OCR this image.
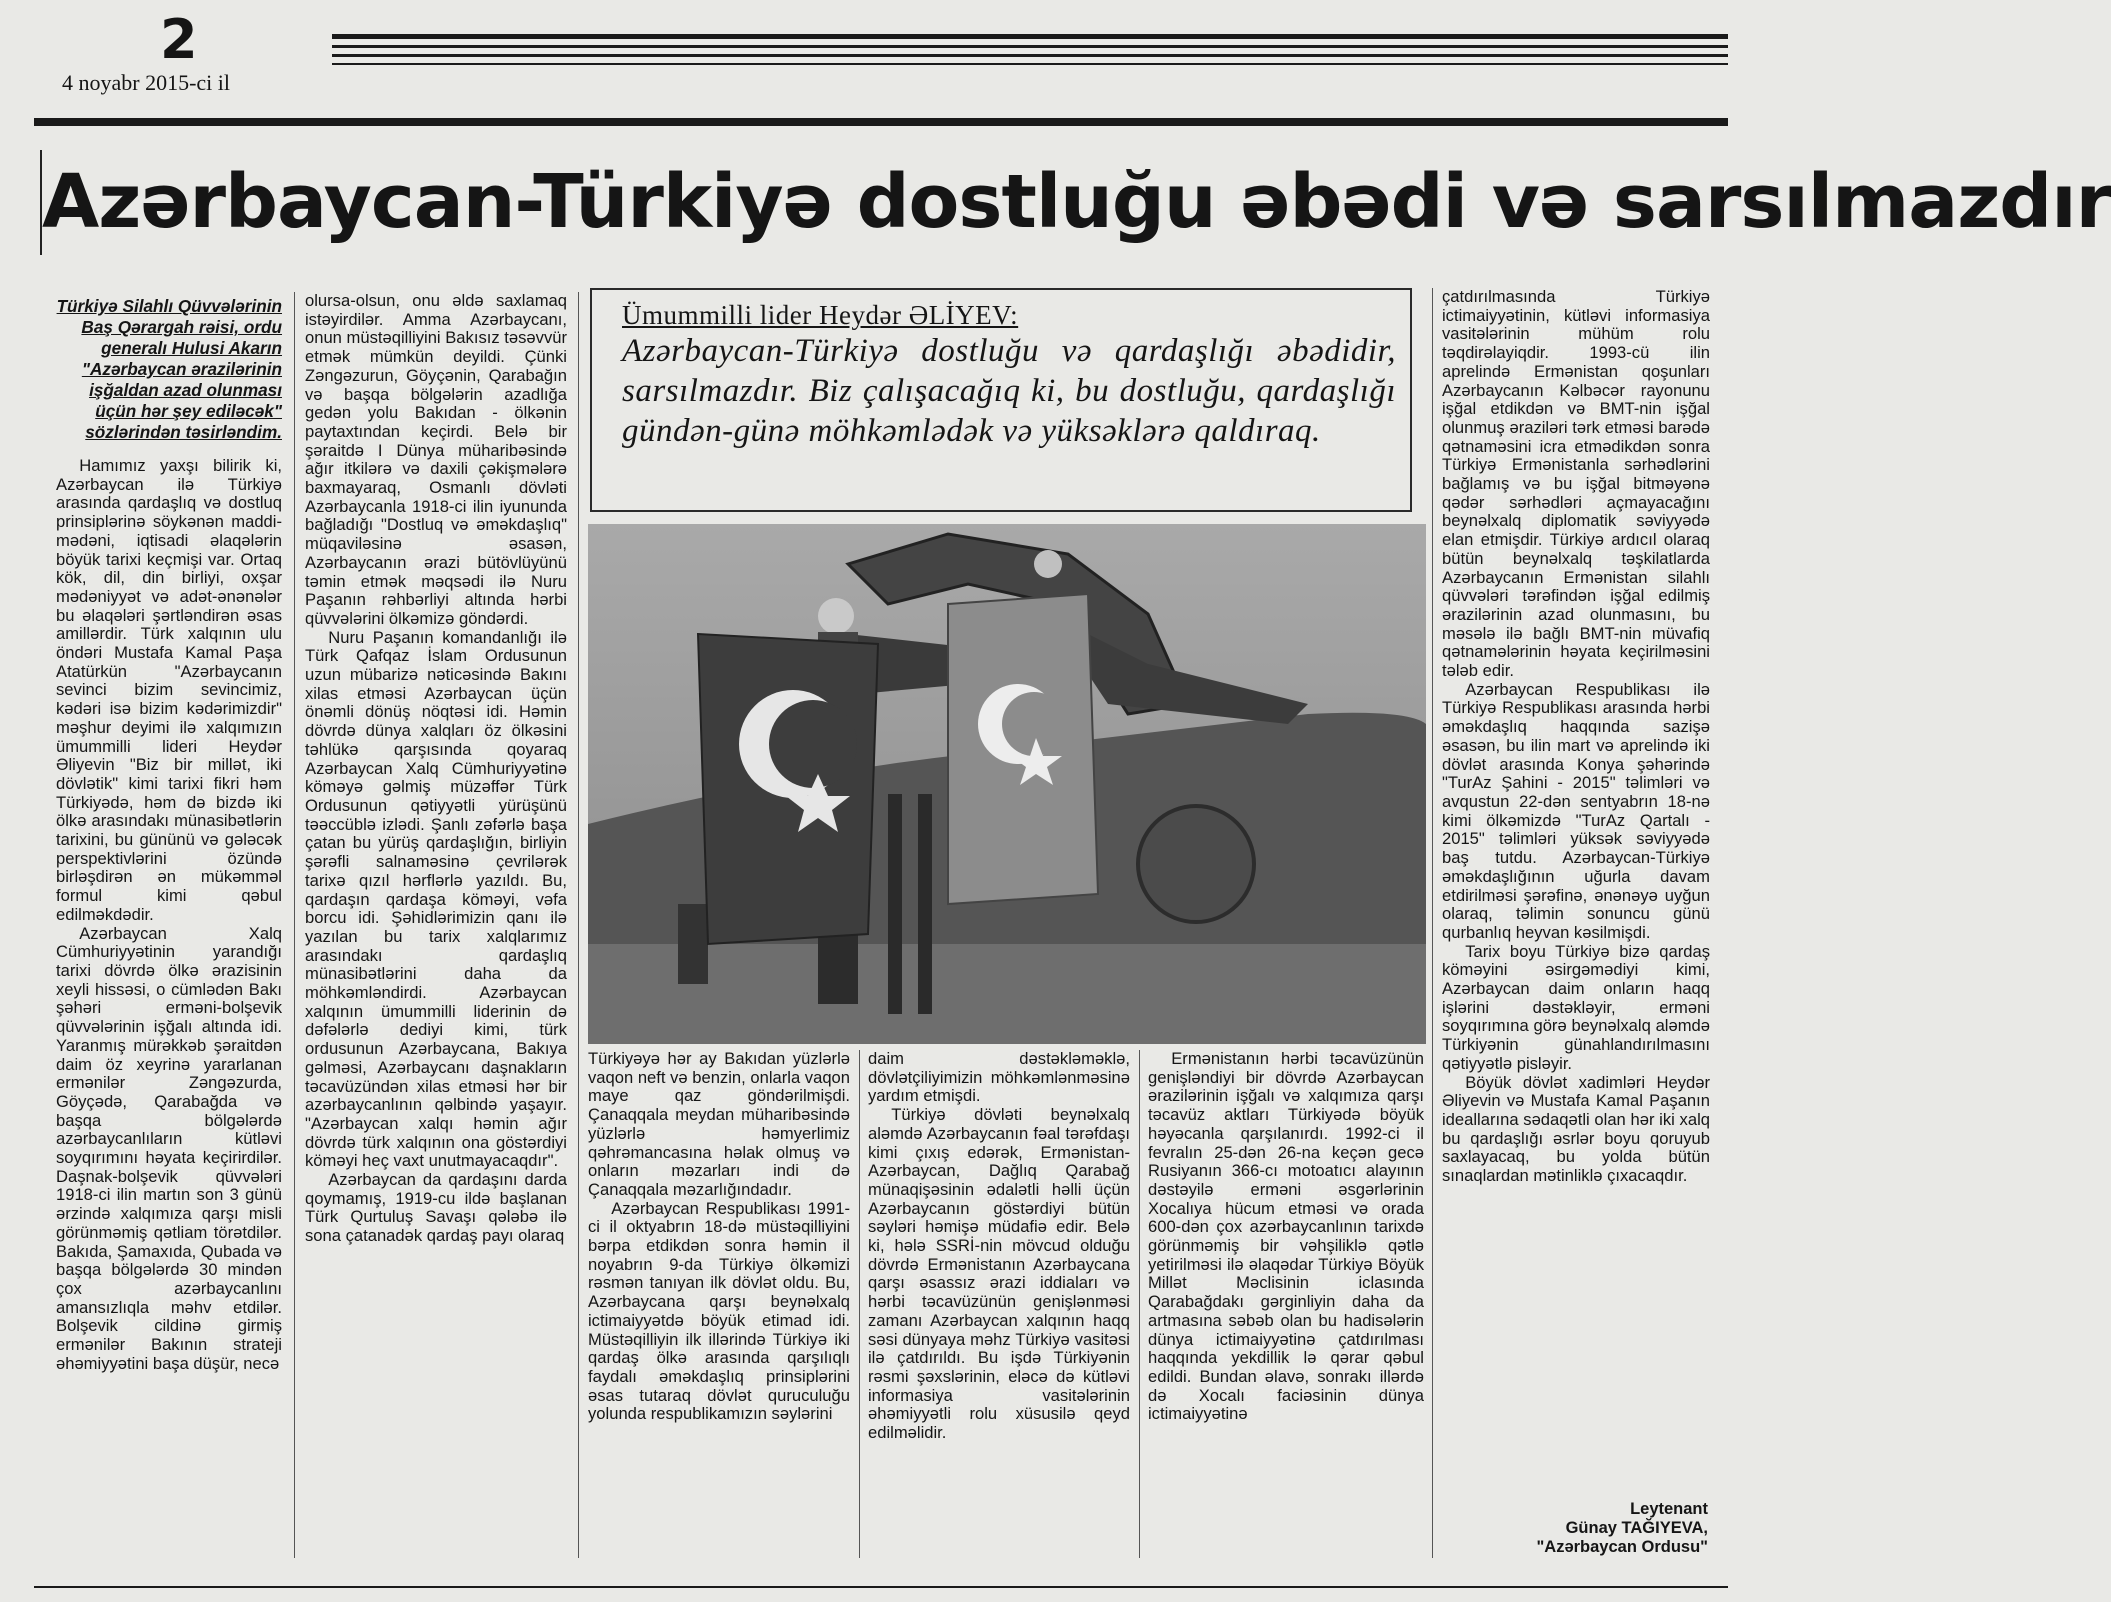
2
4 noyabr 2015-ci il
Azərbaycan-Türkiyə dostluğu əbədi və sarsılmazdır

Türkiyə Silahlı Qüvvələrinin Baş Qərargah rəisi, ordu generalı Hulusi Akarın "Azərbaycan ərazilərinin işğaldan azad olunması üçün hər şey ediləcək" sözlərindən təsirləndim.

Hamımız yaxşı bilirik ki, Azərbaycan ilə Türkiyə arasında qardaşlıq və dostluq prinsiplərinə söykənən maddi-mədəni, iqtisadi əlaqələrin böyük tarixi keçmişi var. Ortaq kök, dil, din birliyi, oxşar mədəniyyət və adət-ənənələr bu əlaqələri şərtləndirən əsas amillərdir. Türk xalqının ulu öndəri Mustafa Kamal Paşa Atatürkün "Azərbaycanın sevinci bizim sevincimiz, kədəri isə bizim kədərimizdir" məşhur deyimi ilə xalqımızın ümummilli lideri Heydər Əliyevin "Biz bir millət, iki dövlətik" kimi tarixi fikri həm Türkiyədə, həm də bizdə iki ölkə arasındakı münasibətlərin tarixini, bu gününü və gələcək perspektivlərini özündə birləşdirən ən mükəmməl formul kimi qəbul edilməkdədir.

Azərbaycan Xalq Cümhuriyyətinin yarandığı tarixi dövrdə ölkə ərazisinin xeyli hissəsi, o cümlədən Bakı şəhəri erməni-bolşevik qüvvələrinin işğalı altında idi. Yaranmış mürəkkəb şəraitdən daim öz xeyrinə yararlanan ermənilər Zəngəzurda, Göyçədə, Qarabağda və başqa bölgələrdə azərbaycanlıların kütləvi soyqırımını həyata keçirirdilər. Daşnak-bolşevik qüvvələri 1918-ci ilin martın son 3 günü ərzində xalqımıza qarşı misli görünməmiş qətliam törətdilər. Bakıda, Şamaxıda, Qubada və başqa bölgələrdə 30 mindən çox azərbaycanlını amansızlıqla məhv etdilər. Bolşevik cildinə girmiş ermənilər Bakının strateji əhəmiyyətini başa düşür, necə

olursa-olsun, onu əldə saxlamaq istəyirdilər. Amma Azərbaycanı, onun müstəqilliyini Bakısız təsəvvür etmək mümkün deyildi. Çünki Zəngəzurun, Göyçənin, Qarabağın və başqa bölgələrin azadlığa gedən yolu Bakıdan - ölkənin paytaxtından keçirdi. Belə bir şəraitdə I Dünya müharibəsində ağır itkilərə və daxili çəkişmələrə baxmayaraq, Osmanlı dövləti Azərbaycanla 1918-ci ilin iyununda bağladığı "Dostluq və əməkdaşlıq" müqaviləsinə əsasən, Azərbaycanın ərazi bütövlüyünü təmin etmək məqsədi ilə Nuru Paşanın rəhbərliyi altında hərbi qüvvələrini ölkəmizə göndərdi.

Nuru Paşanın komandanlığı ilə Türk Qafqaz İslam Ordusunun uzun mübarizə nəticəsində Bakını xilas etməsi Azərbaycan üçün önəmli dönüş nöqtəsi idi. Həmin dövrdə dünya xalqları öz ölkəsini təhlükə qarşısında qoyaraq Azərbaycan Xalq Cümhuriyyətinə köməyə gəlmiş müzəffər Türk Ordusunun qətiyyətli yürüşünü təəccüblə izlədi. Şanlı zəfərlə başa çatan bu yürüş qardaşlığın, birliyin şərəfli salnaməsinə çevrilərək tarixə qızıl hərflərlə yazıldı. Bu, qardaşın qardaşa köməyi, vəfa borcu idi. Şəhidlərimizin qanı ilə yazılan bu tarix xalqlarımız arasındakı qardaşlıq münasibətlərini daha da möhkəmləndirdi. Azərbaycan xalqının ümummilli liderinin də dəfələrlə dediyi kimi, türk ordusunun Azərbaycana, Bakıya gəlməsi, Azərbaycanı daşnakların təcavüzündən xilas etməsi hər bir azərbaycanlının qəlbində yaşayır. "Azərbaycan xalqı həmin ağır dövrdə türk xalqının ona göstərdiyi köməyi heç vaxt unutmayacaqdır".

Azərbaycan da qardaşını darda qoymamış, 1919-cu ildə başlanan Türk Qurtuluş Savaşı qələbə ilə sona çatanadək qardaş payı olaraq

Ümummilli lider Heydər ƏLİYEV:
Azərbaycan-Türkiyə dostluğu və qardaşlığı əbədidir, sarsılmazdır. Biz çalışacağıq ki, bu dostluğu, qardaşlığı gündən-günə möhkəmlədək və yüksəklərə qaldıraq.

Türkiyəyə hər ay Bakıdan yüzlərlə vaqon neft və benzin, onlarla vaqon maye qaz göndərilmişdi. Çanaqqala meydan müharibəsində yüzlərlə həmyerlimiz qəhrəmancasına həlak olmuş və onların məzarları indi də Çanaqqala məzarlığındadır.

Azərbaycan Respublikası 1991-ci il oktyabrın 18-də müstəqilliyini bərpa etdikdən sonra həmin il noyabrın 9-da Türkiyə ölkəmizi rəsmən tanıyan ilk dövlət oldu. Bu, Azərbaycana qarşı beynəlxalq ictimaiyyətdə böyük etimad idi. Müstəqilliyin ilk illərində Türkiyə iki qardaş ölkə arasında qarşılıqlı faydalı əməkdaşlıq prinsiplərini əsas tutaraq dövlət quruculuğu yolunda respublikamızın səylərini

daim dəstəkləməklə, dövlətçiliyimizin möhkəmlənməsinə yardım etmişdi.

Türkiyə dövləti beynəlxalq aləmdə Azərbaycanın fəal tərəfdaşı kimi çıxış edərək, Ermənistan-Azərbaycan, Dağlıq Qarabağ münaqişəsinin ədalətli həlli üçün Azərbaycanın göstərdiyi bütün səyləri həmişə müdafiə edir. Belə ki, hələ SSRİ-nin mövcud olduğu dövrdə Ermənistanın Azərbaycana qarşı əsassız ərazi iddiaları və hərbi təcavüzünün genişlənməsi zamanı Azərbaycan xalqının haqq səsi dünyaya məhz Türkiyə vasitəsi ilə çatdırıldı. Bu işdə Türkiyənin rəsmi şəxslərinin, eləcə də kütləvi informasiya vasitələrinin əhəmiyyətli rolu xüsusilə qeyd edilməlidir.

Ermənistanın hərbi təcavüzünün genişləndiyi bir dövrdə Azərbaycan ərazilərinin işğalı və xalqımıza qarşı təcavüz aktları Türkiyədə böyük həyəcanla qarşılanırdı. 1992-ci il fevralın 25-dən 26-na keçən gecə Rusiyanın 366-cı motoatıcı alayının dəstəyilə erməni əsgərlərinin Xocalıya hücum etməsi və orada 600-dən çox azərbaycanlının tarixdə görünməmiş bir vəhşiliklə qətlə yetirilməsi ilə əlaqədar Türkiyə Böyük Millət Məclisinin iclasında Qarabağdakı gərginliyin daha da artmasına səbəb olan bu hadisələrin dünya ictimaiyyətinə çatdırılması haqqında yekdillik lə qərar qəbul edildi. Bundan əlavə, sonrakı illərdə də Xocalı faciəsinin dünya ictimaiyyətinə

çatdırılmasında Türkiyə ictimaiyyətinin, kütləvi informasiya vasitələrinin mühüm rolu təqdirəlayiqdir. 1993-cü ilin aprelində Ermənistan qoşunları Azərbaycanın Kəlbəcər rayonunu işğal etdikdən və BMT-nin işğal olunmuş əraziləri tərk etməsi barədə qətnaməsini icra etmədikdən sonra Türkiyə Ermənistanla sərhədlərini bağlamış və bu işğal bitməyənə qədər sərhədləri açmayacağını beynəlxalq diplomatik səviyyədə elan etmişdir. Türkiyə ardıcıl olaraq bütün beynəlxalq təşkilatlarda Azərbaycanın Ermənistan silahlı qüvvələri tərəfindən işğal edilmiş ərazilərinin azad olunmasını, bu məsələ ilə bağlı BMT-nin müvafiq qətnamələrinin həyata keçirilməsini tələb edir.

Azərbaycan Respublikası ilə Türkiyə Respublikası arasında hərbi əməkdaşlıq haqqında sazişə əsasən, bu ilin mart və aprelində iki dövlət arasında Konya şəhərində "TurAz Şahini - 2015" təlimləri və avqustun 22-dən sentyabrın 18-nə kimi ölkəmizdə "TurAz Qartalı - 2015" təlimləri yüksək səviyyədə baş tutdu. Azərbaycan-Türkiyə əməkdaşlığının uğurla davam etdirilməsi şərəfinə, ənənəyə uyğun olaraq, təlimin sonuncu günü qurbanlıq heyvan kəsilmişdi.

Tarix boyu Türkiyə bizə qardaş köməyini əsirgəmədiyi kimi, Azərbaycan daim onların haqq işlərini dəstəkləyir, erməni soyqırımına görə beynəlxalq aləmdə Türkiyənin günahlandırılmasını qətiyyətlə pisləyir.

Böyük dövlət xadimləri Heydər Əliyevin və Mustafa Kamal Paşanın ideallarına sədaqətli olan hər iki xalq bu qardaşlığı əsrlər boyu qoruyub saxlayacaq, bu yolda bütün sınaqlardan mətinliklə çıxacaqdır.

Leytenant
Günay TAĞIYEVA,
"Azərbaycan Ordusu"
